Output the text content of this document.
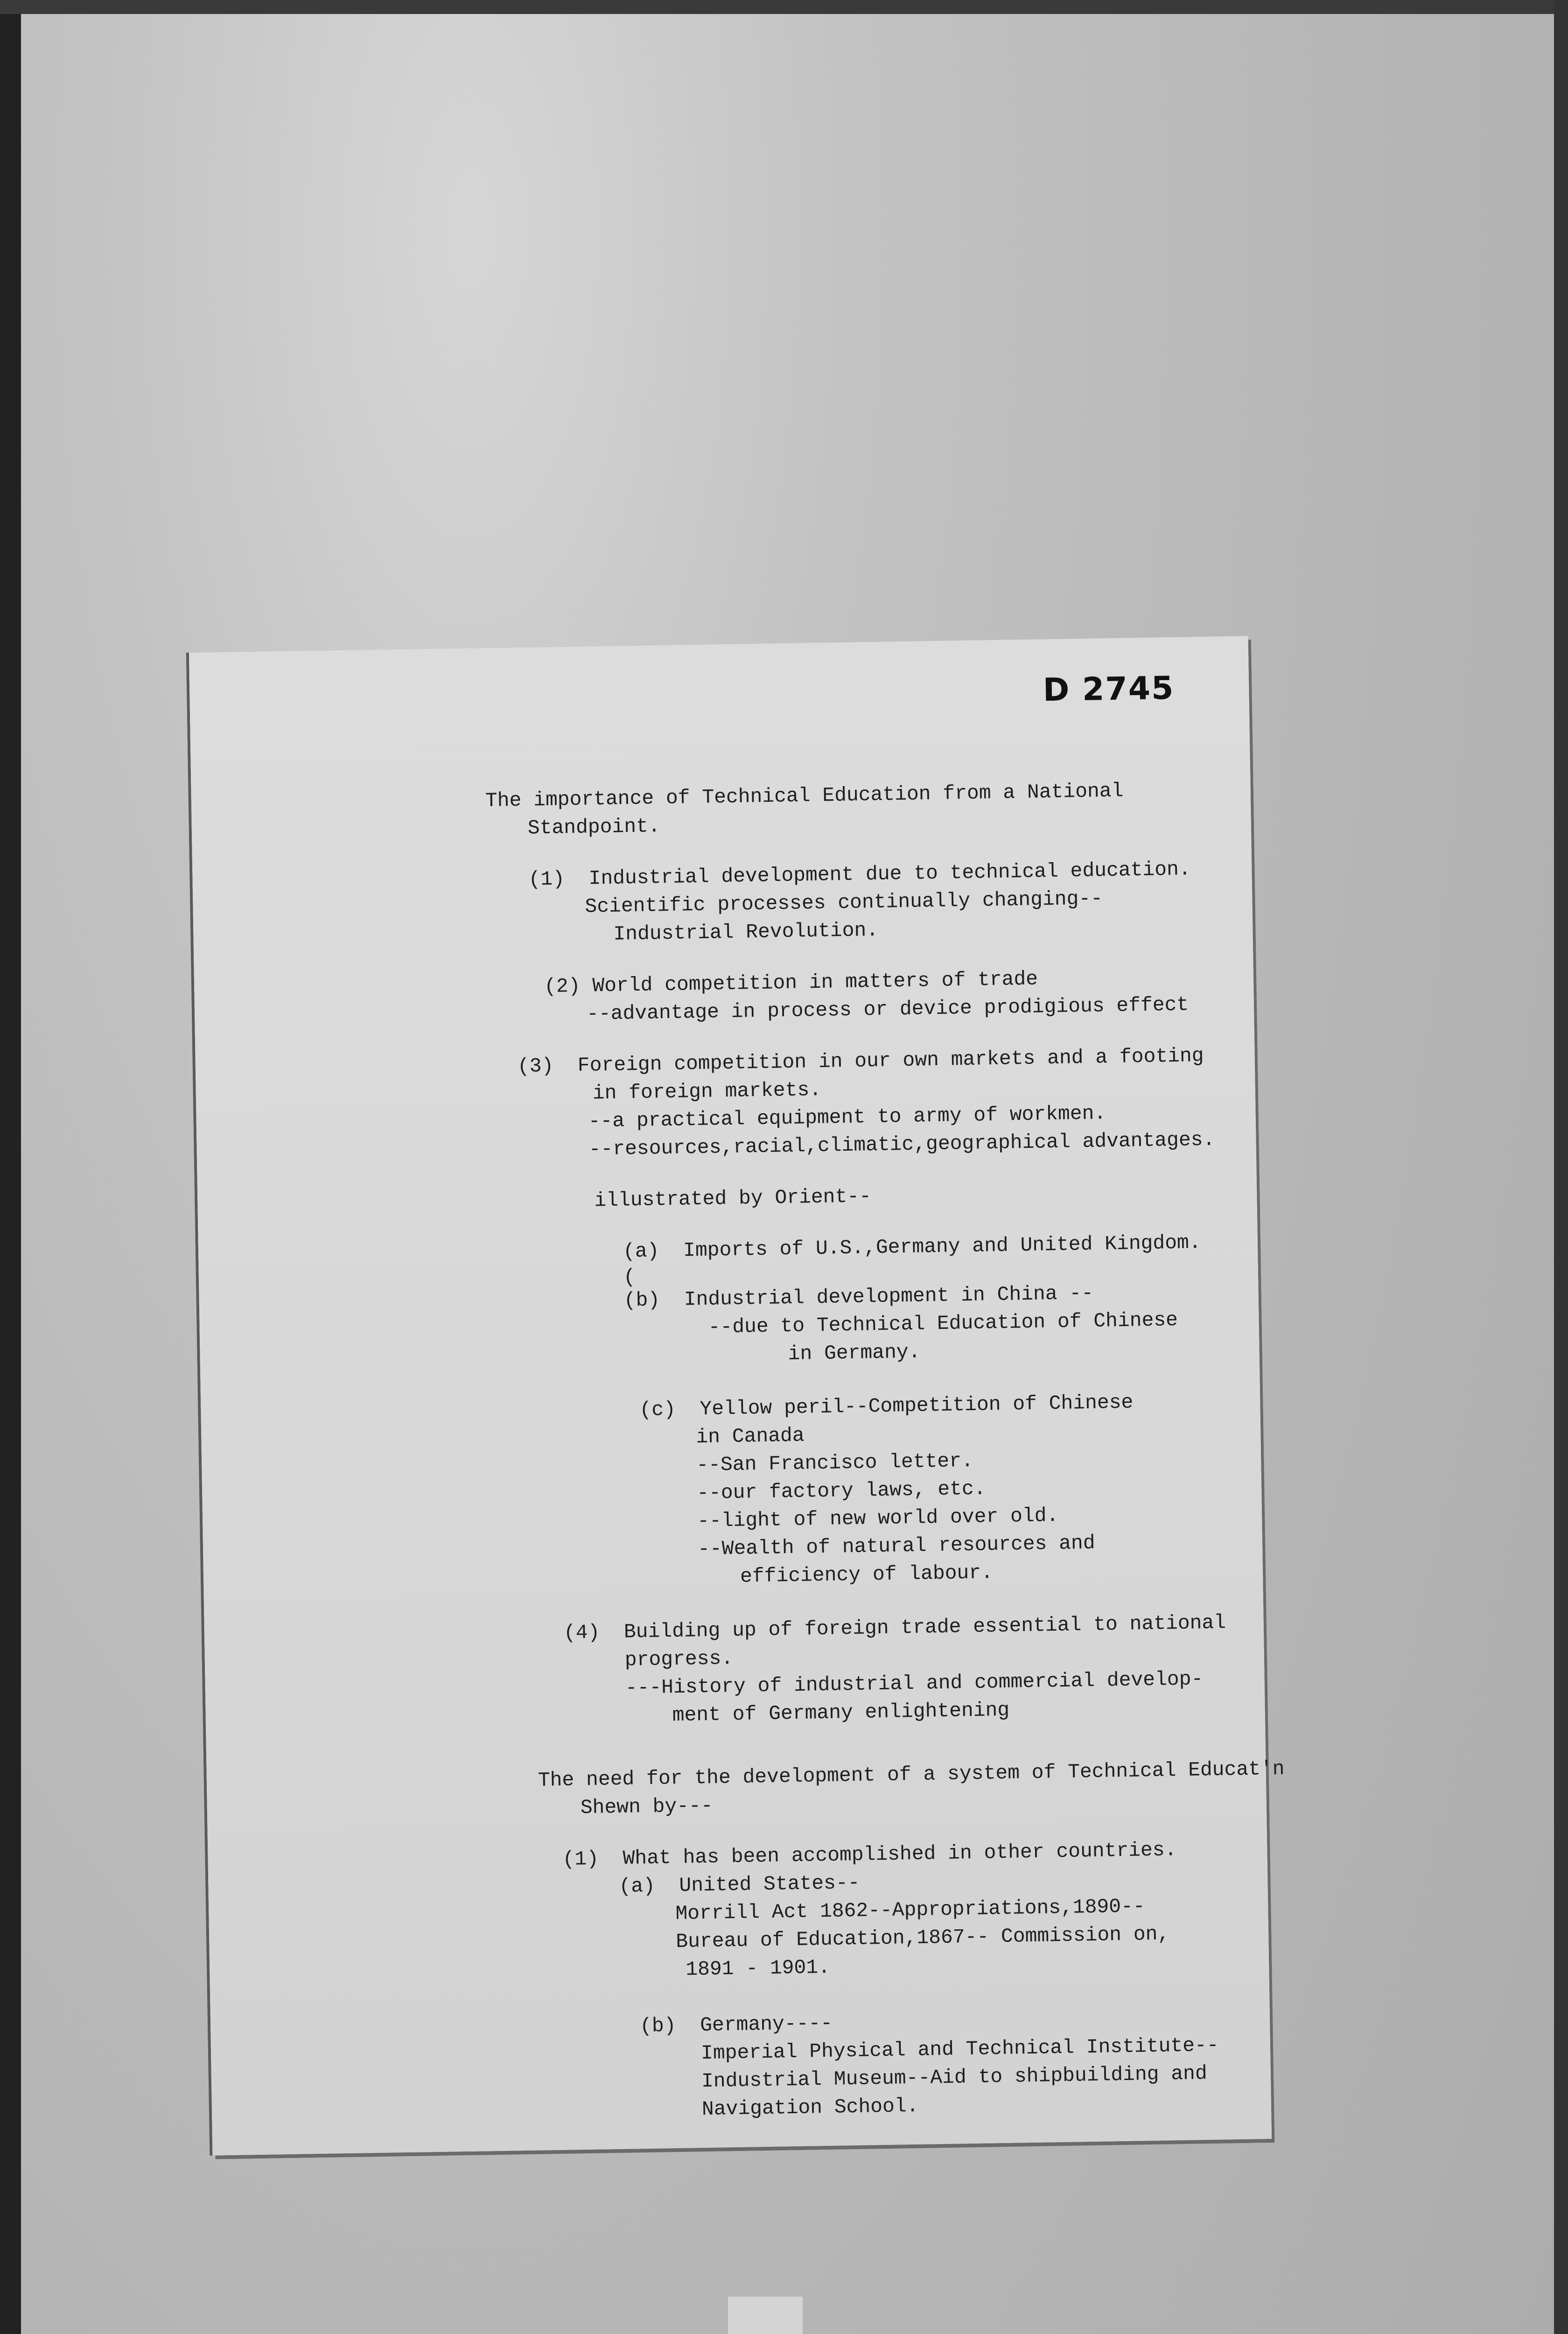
D 2745
The importance of Technical Education from a National
Standpoint.
(1)  Industrial development due to technical education.
Scientific processes continually changing--
Industrial Revolution.
(2) World competition in matters of trade
--advantage in process or device prodigious effect
(3)  Foreign competition in our own markets and a footing
in foreign markets.
--a practical equipment to army of workmen.
--resources,racial,climatic,geographical advantages.
illustrated by Orient--
(a)  Imports of U.S.,Germany and United Kingdom.
(
(b)  Industrial development in China --
--due to Technical Education of Chinese
in Germany.
(c)  Yellow peril--Competition of Chinese
in Canada
--San Francisco letter.
--our factory laws, etc.
--light of new world over old.
--Wealth of natural resources and
efficiency of labour.
(4)  Building up of foreign trade essential to national
progress.
---History of industrial and commercial develop-
ment of Germany enlightening
The need for the development of a system of Technical Educat'n
Shewn by---
(1)  What has been accomplished in other countries.
(a)  United States--
Morrill Act 1862--Appropriations,1890--
Bureau of Education,1867-- Commission on,
1891 - 1901.
(b)  Germany----
Imperial Physical and Technical Institute--
Industrial Museum--Aid to shipbuilding and
Navigation School.
